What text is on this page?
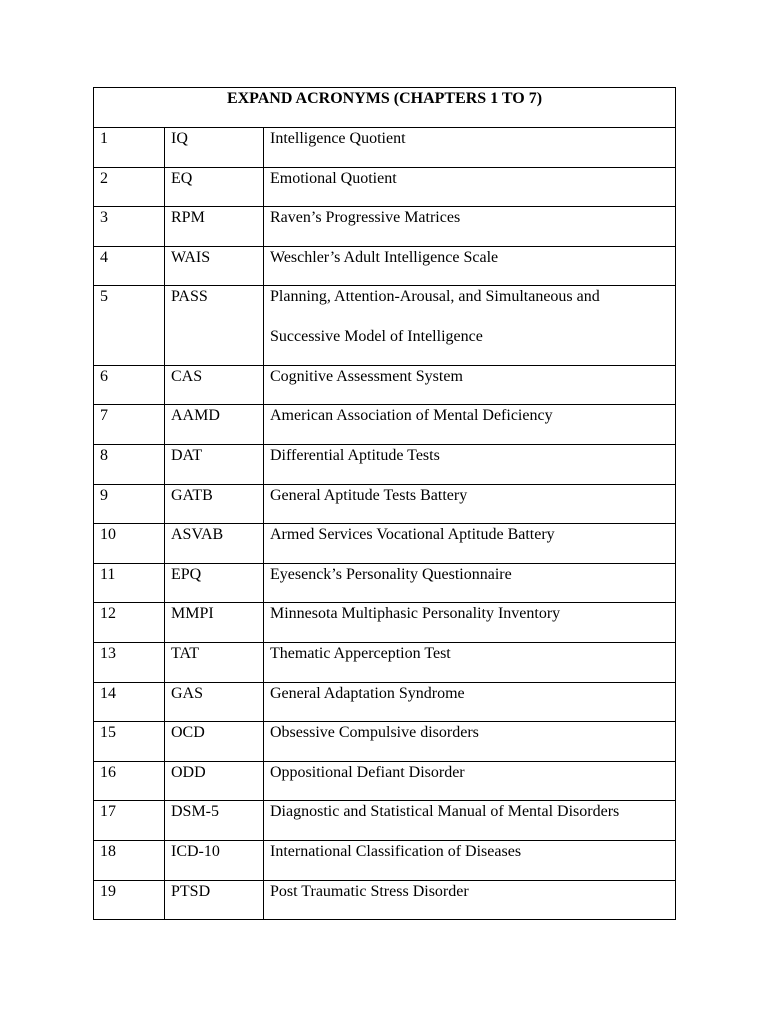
EXPAND ACRONYMS (CHAPTERS 1 TO 7)		
1	IQ	Intelligence Quotient
2	EQ	Emotional Quotient
3	RPM	Raven’s Progressive Matrices
4	WAIS	Weschler’s Adult Intelligence Scale
5	PASS	Planning, Attention-Arousal, and Simultaneous and Successive Model of Intelligence

6	CAS	Cognitive Assessment System
7	AAMD	American Association of Mental Deficiency
8	DAT	Differential Aptitude Tests
9	GATB	General Aptitude Tests Battery
10	ASVAB	Armed Services Vocational Aptitude Battery
11	EPQ	Eyesenck’s Personality Questionnaire
12	MMPI	Minnesota Multiphasic Personality Inventory
13	TAT	Thematic Apperception Test
14	GAS	General Adaptation Syndrome
15	OCD	Obsessive Compulsive disorders
16	ODD	Oppositional Defiant Disorder
17	DSM-5	Diagnostic and Statistical Manual of Mental Disorders
18	ICD-10	International Classification of Diseases
19	PTSD	Post Traumatic Stress Disorder
